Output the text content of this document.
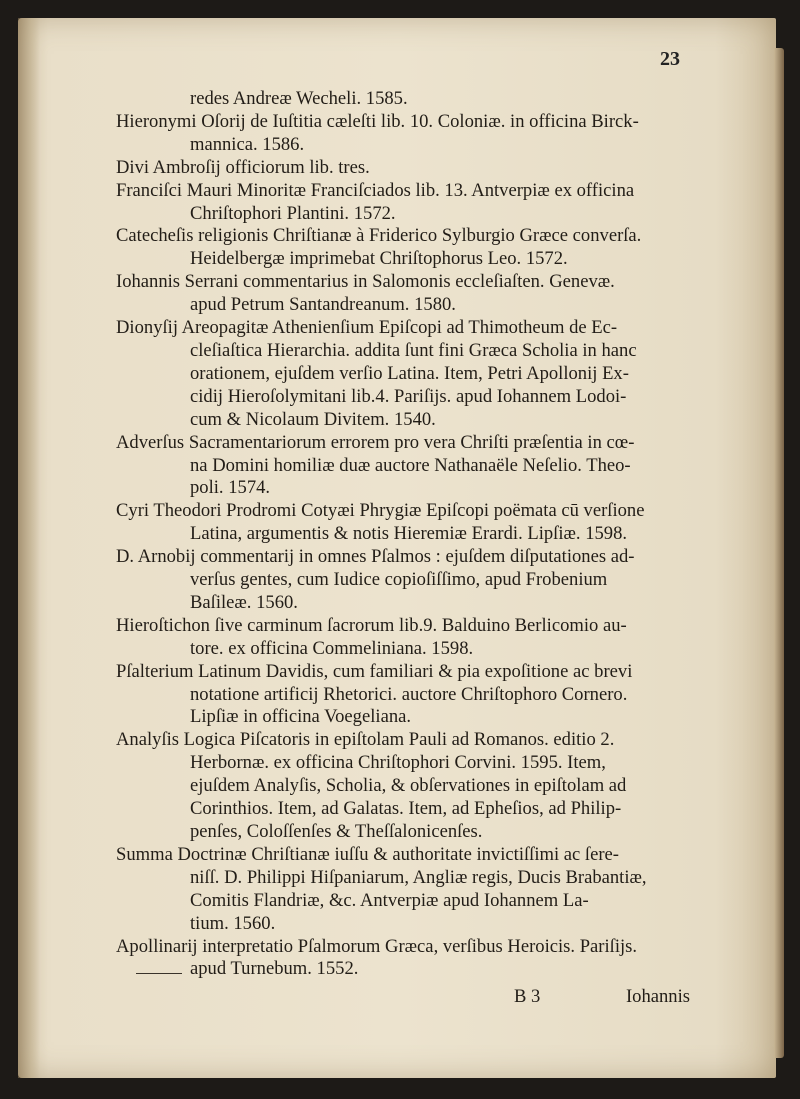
23
redes Andreæ Wecheli. 1585.
Hieronymi Oſorij de Iuſtitia cæleſti lib. 10. Coloniæ. in officina Birck-
mannica. 1586.
Divi Ambroſij officiorum lib. tres.
Franciſci Mauri Minoritæ Franciſciados lib. 13. Antverpiæ ex officina
Chriſtophori Plantini. 1572.
Catecheſis religionis Chriſtianæ à Friderico Sylburgio Græce converſa.
Heidelbergæ imprimebat Chriſtophorus Leo. 1572.
Iohannis Serrani commentarius in Salomonis eccleſiaſten. Genevæ.
apud Petrum Santandreanum. 1580.
Dionyſij Areopagitæ Athenienſium Epiſcopi ad Thimotheum de Ec-
cleſiaſtica Hierarchia. addita ſunt fini Græca Scholia in hanc
orationem, ejuſdem verſio Latina. Item, Petri Apollonij Ex-
cidij Hieroſolymitani lib.4. Pariſijs. apud Iohannem Lodoi-
cum & Nicolaum Divitem. 1540.
Adverſus Sacramentariorum errorem pro vera Chriſti præſentia in cœ-
na Domini homiliæ duæ auctore Nathanaële Neſelio. Theo-
poli. 1574.
Cyri Theodori Prodromi Cotyæi Phrygiæ Epiſcopi poëmata cū verſione
Latina, argumentis & notis Hieremiæ Erardi. Lipſiæ. 1598.
D. Arnobij commentarij in omnes Pſalmos : ejuſdem diſputationes ad-
verſus gentes, cum Iudice copioſiſſimo, apud Frobenium
Baſileæ. 1560.
Hieroſtichon ſive carminum ſacrorum lib.9. Balduino Berlicomio au-
tore. ex officina Commeliniana. 1598.
Pſalterium Latinum Davidis, cum familiari & pia expoſitione ac brevi
notatione artificij Rhetorici. auctore Chriſtophoro Cornero.
Lipſiæ in officina Voegeliana.
Analyſis Logica Piſcatoris in epiſtolam Pauli ad Romanos. editio 2.
Herbornæ. ex officina Chriſtophori Corvini. 1595. Item,
ejuſdem Analyſis, Scholia, & obſervationes in epiſtolam ad
Corinthios. Item, ad Galatas. Item, ad Epheſios, ad Philip-
penſes, Coloſſenſes & Theſſalonicenſes.
Summa Doctrinæ Chriſtianæ iuſſu & authoritate invictiſſimi ac ſere-
niſſ. D. Philippi Hiſpaniarum, Angliæ regis, Ducis Brabantiæ,
Comitis Flandriæ, &c. Antverpiæ apud Iohannem La-
tium. 1560.
Apollinarij interpretatio Pſalmorum Græca, verſibus Heroicis. Pariſijs.
apud Turnebum. 1552.
B 3	Iohannis
